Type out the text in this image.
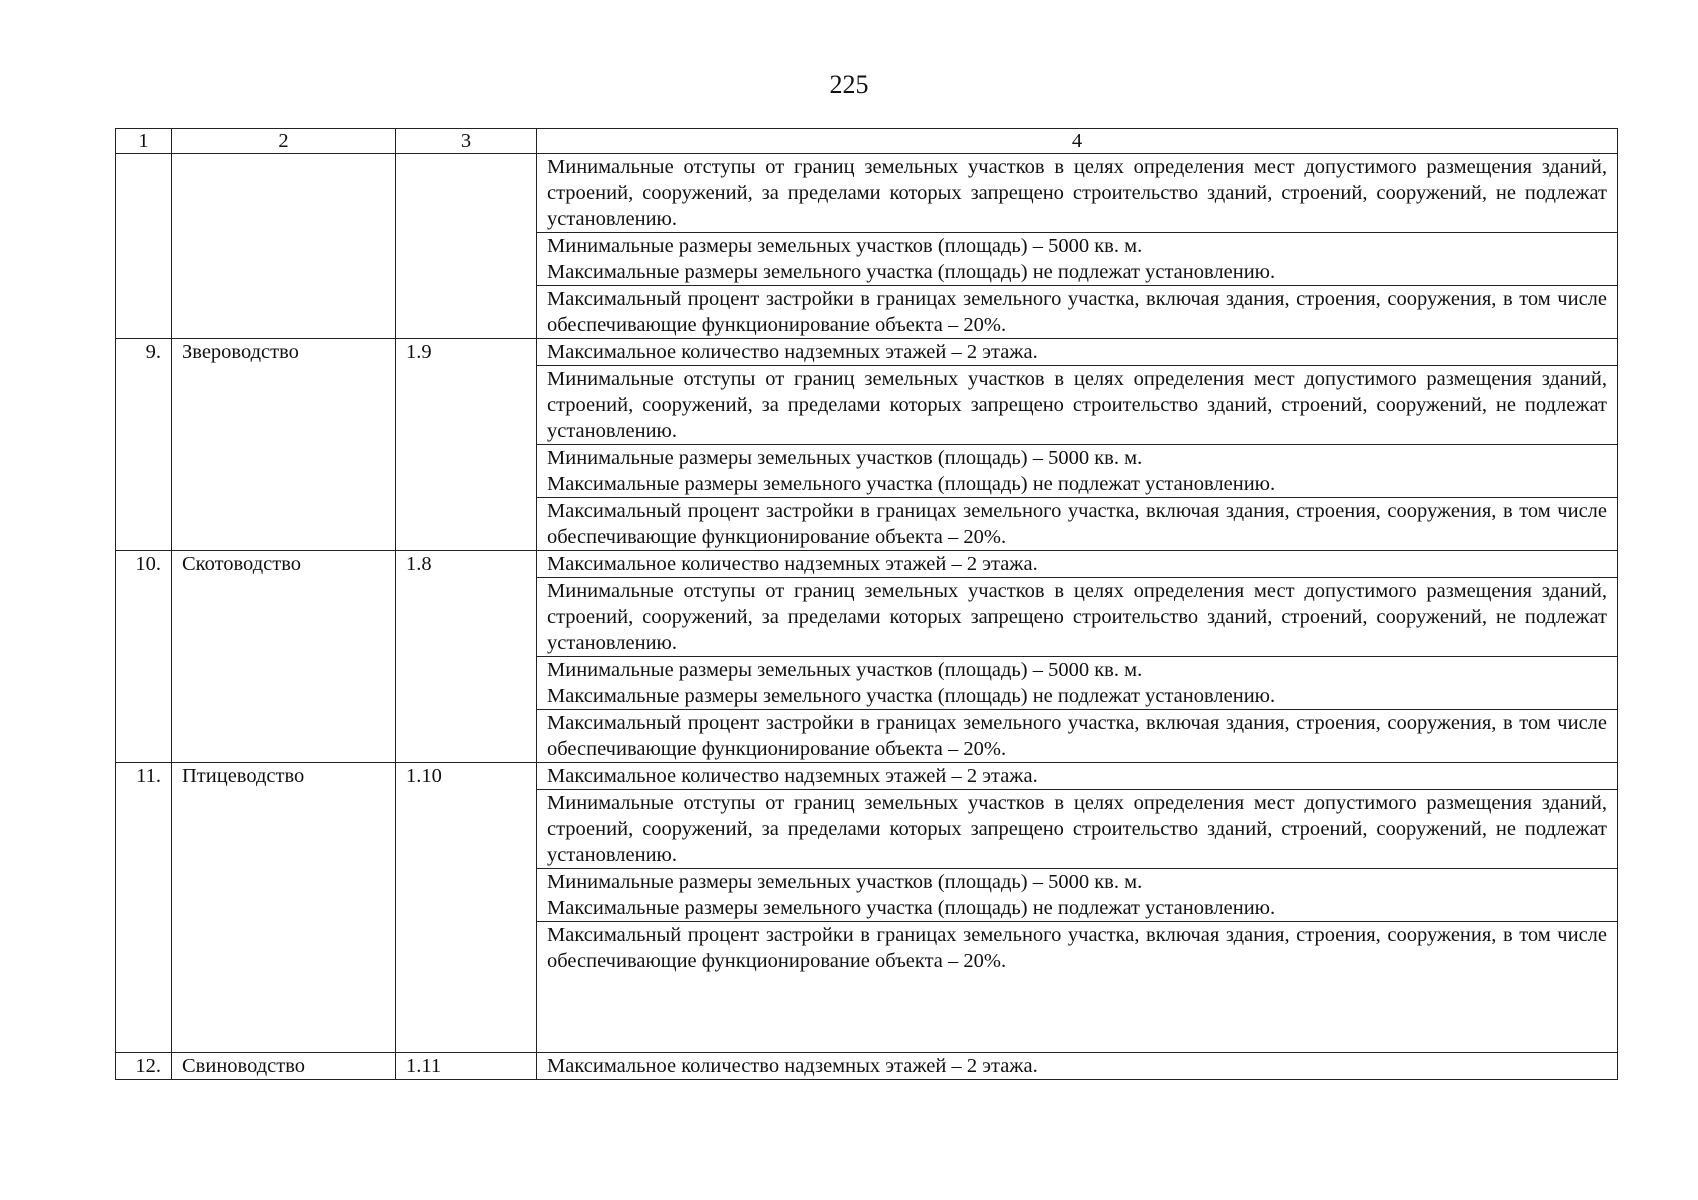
225
1	2	3	4
			Минимальные отступы от границ земельных участков в целях определения мест допустимого размещения зданий, строений, сооружений, за пределами которых запрещено строительство зданий, строений, сооружений, не подлежат установлению.
			Минимальные размеры земельных участков (площадь) – 5000 кв. м.
Максимальные размеры земельного участка (площадь) не подлежат установлению.
			Максимальный процент застройки в границах земельного участка, включая здания, строения, сооружения, в том числе обеспечивающие функционирование объекта – 20%.
9.	Звероводство	1.9	Максимальное количество надземных этажей – 2 этажа.
			Минимальные отступы от границ земельных участков в целях определения мест допустимого размещения зданий, строений, сооружений, за пределами которых запрещено строительство зданий, строений, сооружений, не подлежат установлению.
			Минимальные размеры земельных участков (площадь) – 5000 кв. м.
Максимальные размеры земельного участка (площадь) не подлежат установлению.
			Максимальный процент застройки в границах земельного участка, включая здания, строения, сооружения, в том числе обеспечивающие функционирование объекта – 20%.
10.	Скотоводство	1.8	Максимальное количество надземных этажей – 2 этажа.
			Минимальные отступы от границ земельных участков в целях определения мест допустимого размещения зданий, строений, сооружений, за пределами которых запрещено строительство зданий, строений, сооружений, не подлежат установлению.
			Минимальные размеры земельных участков (площадь) – 5000 кв. м.
Максимальные размеры земельного участка (площадь) не подлежат установлению.
			Максимальный процент застройки в границах земельного участка, включая здания, строения, сооружения, в том числе обеспечивающие функционирование объекта – 20%.
11.	Птицеводство	1.10	Максимальное количество надземных этажей – 2 этажа.
			Минимальные отступы от границ земельных участков в целях определения мест допустимого размещения зданий, строений, сооружений, за пределами которых запрещено строительство зданий, строений, сооружений, не подлежат установлению.
			Минимальные размеры земельных участков (площадь) – 5000 кв. м.
Максимальные размеры земельного участка (площадь) не подлежат установлению.
			Максимальный процент застройки в границах земельного участка, включая здания, строения, сооружения, в том числе обеспечивающие функционирование объекта – 20%.
12.	Свиноводство	1.11	Максимальное количество надземных этажей – 2 этажа.
